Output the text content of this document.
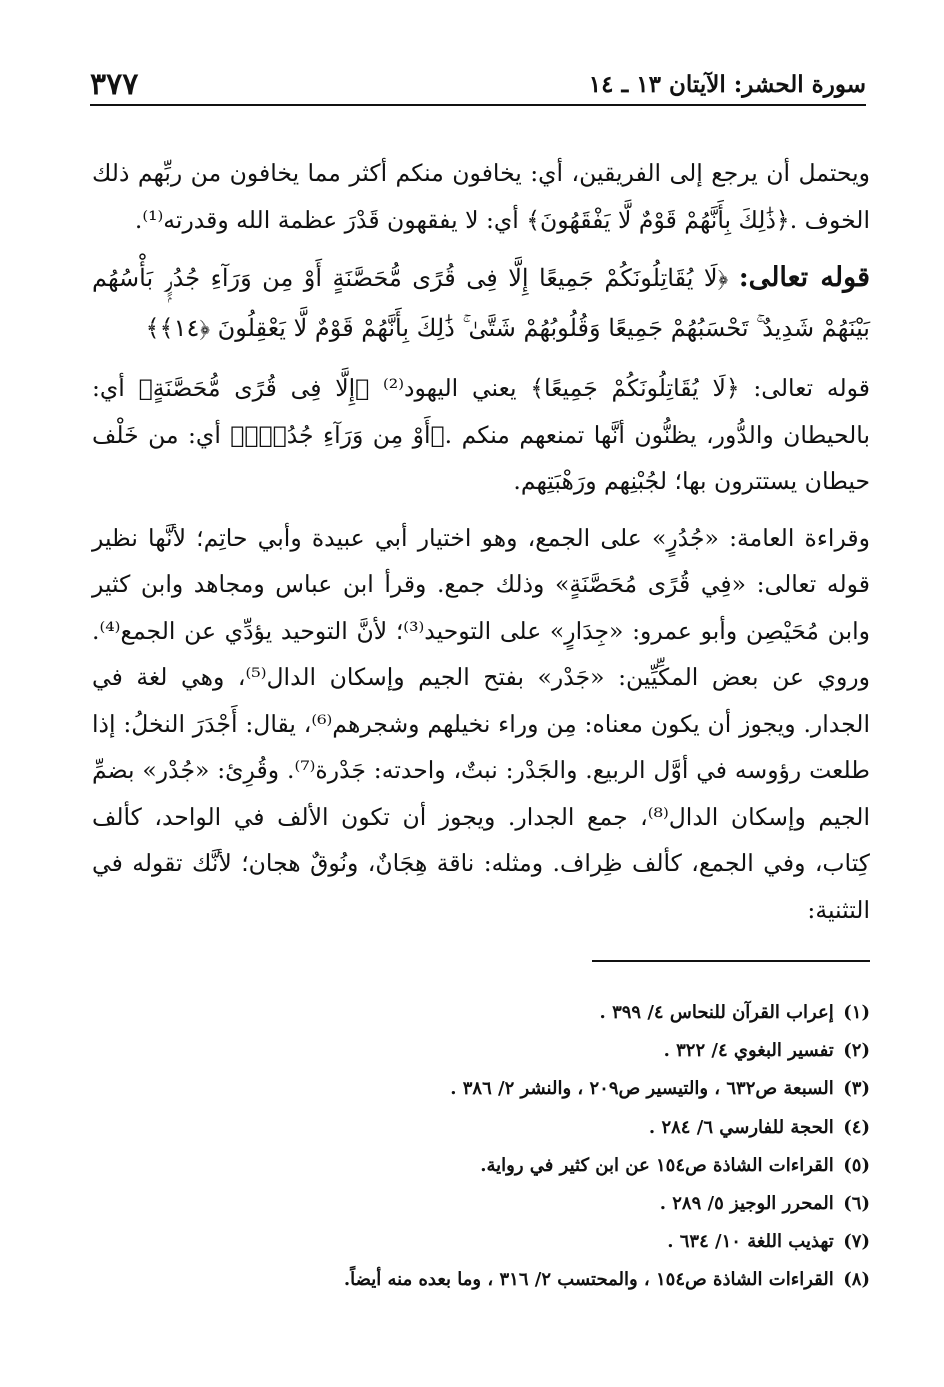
سورة الحشر: الآيتان ١٣ ـ ١٤
٣٧٧

ويحتمل أن يرجع إلى الفريقين، أي: يخافون منكم أكثر مما يخافون من ربِّهم ذلك الخوف .﴿ذَٰلِكَ بِأَنَّهُمْ قَوْمٌ لَّا يَفْقَهُونَ﴾ أي: لا يفقهون قَدْرَ عظمة الله وقدرته⁽¹⁾.

قوله تعالى: ﴿لَا يُقَاتِلُونَكُمْ جَمِيعًا إِلَّا فِى قُرًى مُّحَصَّنَةٍ أَوْ مِن وَرَآءِ جُدُرٍۭ بَأْسُهُم بَيْنَهُمْ شَدِيدٌ ۚ تَحْسَبُهُمْ جَمِيعًا وَقُلُوبُهُمْ شَتَّىٰ ۚ ذَٰلِكَ بِأَنَّهُمْ قَوْمٌ لَّا يَعْقِلُونَ ﴿١٤﴾﴾

قوله تعالى: ﴿لَا يُقَاتِلُونَكُمْ جَمِيعًا﴾ يعني اليهود⁽²⁾ ﴿إِلَّا فِى قُرًى مُّحَصَّنَةٍ﴾ أي: بالحيطان والدُّور، يظنُّون أنَّها تمنعهم منكم .﴿أَوْ مِن وَرَآءِ جُدُرٍۭ﴾ أي: من خَلْف حيطان يستترون بها؛ لجُبْنِهم ورَهْبَتِهم.

وقراءة العامة: «جُدُرٍ» على الجمع، وهو اختيار أبي عبيدة وأبي حاتِم؛ لأنَّها نظير قوله تعالى: «فِي قُرًى مُحَصَّنَةٍ» وذلك جمع. وقرأ ابن عباس ومجاهد وابن كثير وابن مُحَيْصِن وأبو عمرو: «جِدَارٍ» على التوحيد⁽³⁾؛ لأنَّ التوحيد يؤدِّي عن الجمع⁽⁴⁾. وروي عن بعض المكِّيِّين: «جَدْر» بفتح الجيم وإسكان الدال⁽⁵⁾، وهي لغة في الجدار. ويجوز أن يكون معناه: مِن وراء نخيلهم وشجرهم⁽⁶⁾، يقال: أَجْدَرَ النخلُ: إذا طلعت رؤوسه في أوَّل الربيع. والجَدْر: نبتٌ، واحدته: جَدْرة⁽⁷⁾. وقُرِئ: «جُدْر» بضمِّ الجيم وإسكان الدال⁽⁸⁾، جمع الجدار. ويجوز أن تكون الألف في الواحد، كألف كِتاب، وفي الجمع، كألف ظِراف. ومثله: ناقة هِجَانٌ، ونُوقٌ هجان؛ لأنَّك تقوله في التثنية:

(١) إعراب القرآن للنحاس ٤/ ٣٩٩ .
(٢) تفسير البغوي ٤/ ٣٢٢ .
(٣) السبعة ص٦٣٢ ، والتيسير ص٢٠٩ ، والنشر ٢/ ٣٨٦ .
(٤) الحجة للفارسي ٦/ ٢٨٤ .
(٥) القراءات الشاذة ص١٥٤ عن ابن كثير في رواية.
(٦) المحرر الوجيز ٥/ ٢٨٩ .
(٧) تهذيب اللغة ١٠/ ٦٣٤ .
(٨) القراءات الشاذة ص١٥٤ ، والمحتسب ٢/ ٣١٦ ، وما بعده منه أيضاً.
